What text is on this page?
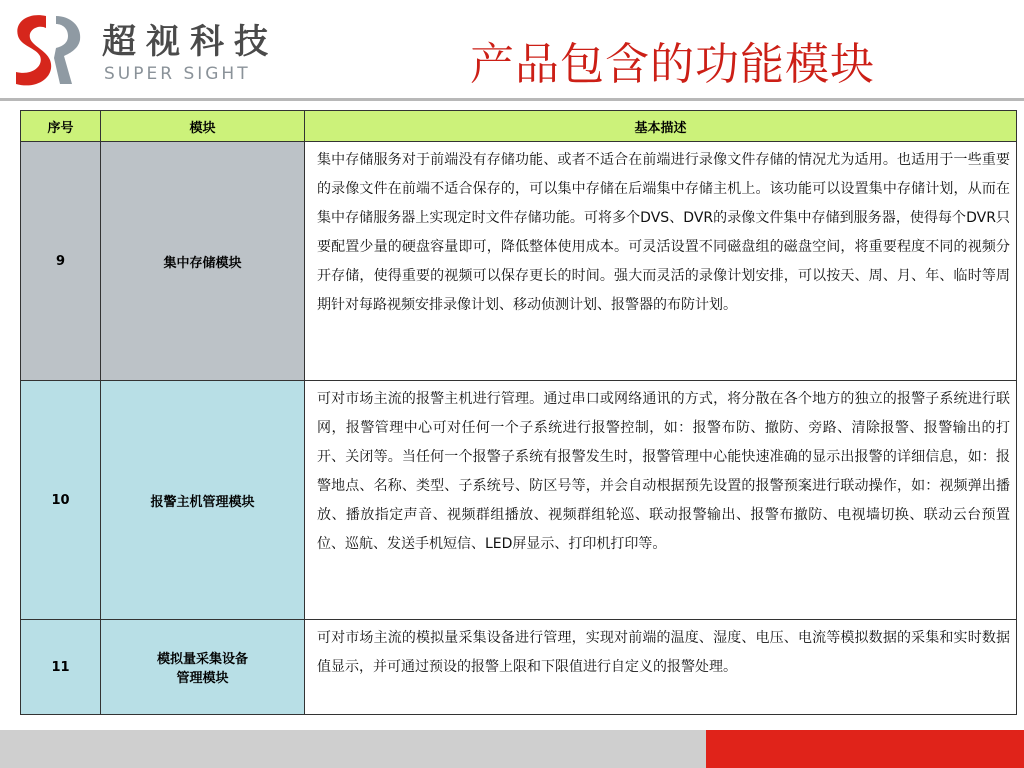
超视科技
SUPER SIGHT	产品包含的功能模块
序号	模块	基本描述
9	集中存储模块	集中存储服务对于前端没有存储功能、或者不适合在前端进行录像文件存储的情况尤为适用。也适用于一些重要的录像文件在前端不适合保存的，可以集中存储在后端集中存储主机上。该功能可以设置集中存储计划，从而在集中存储服务器上实现定时文件存储功能。可将多个DVS、DVR的录像文件集中存储到服务器，使得每个DVR只要配置少量的硬盘容量即可，降低整体使用成本。可灵活设置不同磁盘组的磁盘空间，将重要程度不同的视频分开存储，使得重要的视频可以保存更长的时间。强大而灵活的录像计划安排，可以按天、周、月、年、临时等周期针对每路视频安排录像计划、移动侦测计划、报警器的布防计划。
10	报警主机管理模块	可对市场主流的报警主机进行管理。通过串口或网络通讯的方式，将分散在各个地方的独立的报警子系统进行联网，报警管理中心可对任何一个子系统进行报警控制，如：报警布防、撤防、旁路、清除报警、报警输出的打开、关闭等。当任何一个报警子系统有报警发生时，报警管理中心能快速准确的显示出报警的详细信息，如：报警地点、名称、类型、子系统号、防区号等，并会自动根据预先设置的报警预案进行联动操作，如：视频弹出播放、播放指定声音、视频群组播放、视频群组轮巡、联动报警输出、报警布撤防、电视墙切换、联动云台预置位、巡航、发送手机短信、LED屏显示、打印机打印等。
11	模拟量采集设备
管理模块	可对市场主流的模拟量采集设备进行管理，实现对前端的温度、湿度、电压、电流等模拟数据的采集和实时数据值显示，并可通过预设的报警上限和下限值进行自定义的报警处理。
